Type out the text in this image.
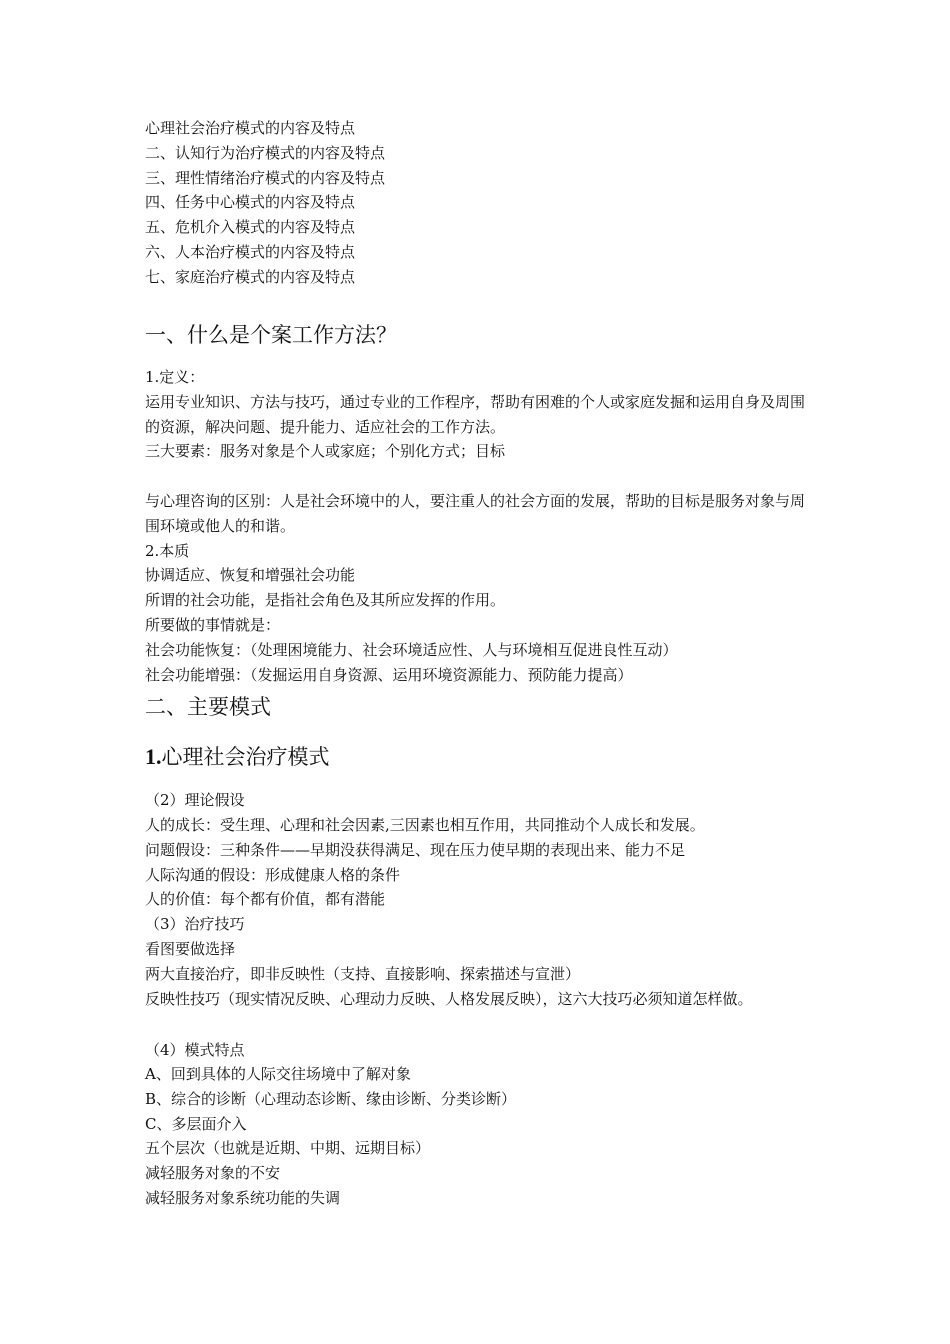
心理社会治疗模式的内容及特点
二、认知行为治疗模式的内容及特点
三、理性情绪治疗模式的内容及特点
四、任务中心模式的内容及特点
五、危机介入模式的内容及特点
六、人本治疗模式的内容及特点
七、家庭治疗模式的内容及特点
一、什么是个案工作方法？
1.定义：
运用专业知识、方法与技巧，通过专业的工作程序，帮助有困难的个人或家庭发掘和运用自身及周围的资源，解决问题、提升能力、适应社会的工作方法。
三大要素：服务对象是个人或家庭；个别化方式；目标
与心理咨询的区别：人是社会环境中的人，要注重人的社会方面的发展，帮助的目标是服务对象与周围环境或他人的和谐。
2.本质
协调适应、恢复和增强社会功能
所谓的社会功能，是指社会角色及其所应发挥的作用。
所要做的事情就是：
社会功能恢复：（处理困境能力、社会环境适应性、人与环境相互促进良性互动）
社会功能增强：（发掘运用自身资源、运用环境资源能力、预防能力提高）
二、主要模式
1.心理社会治疗模式
（2）理论假设
人的成长：受生理、心理和社会因素,三因素也相互作用，共同推动个人成长和发展。
问题假设：三种条件——早期没获得满足、现在压力使早期的表现出来、能力不足
人际沟通的假设：形成健康人格的条件
人的价值：每个都有价值，都有潜能
（3）治疗技巧
看图要做选择
两大直接治疗，即非反映性（支持、直接影响、探索描述与宣泄）
反映性技巧（现实情况反映、心理动力反映、人格发展反映），这六大技巧必须知道怎样做。
（4）模式特点
A、回到具体的人际交往场境中了解对象
B、综合的诊断（心理动态诊断、缘由诊断、分类诊断）
C、多层面介入
五个层次（也就是近期、中期、远期目标）
减轻服务对象的不安
减轻服务对象系统功能的失调
